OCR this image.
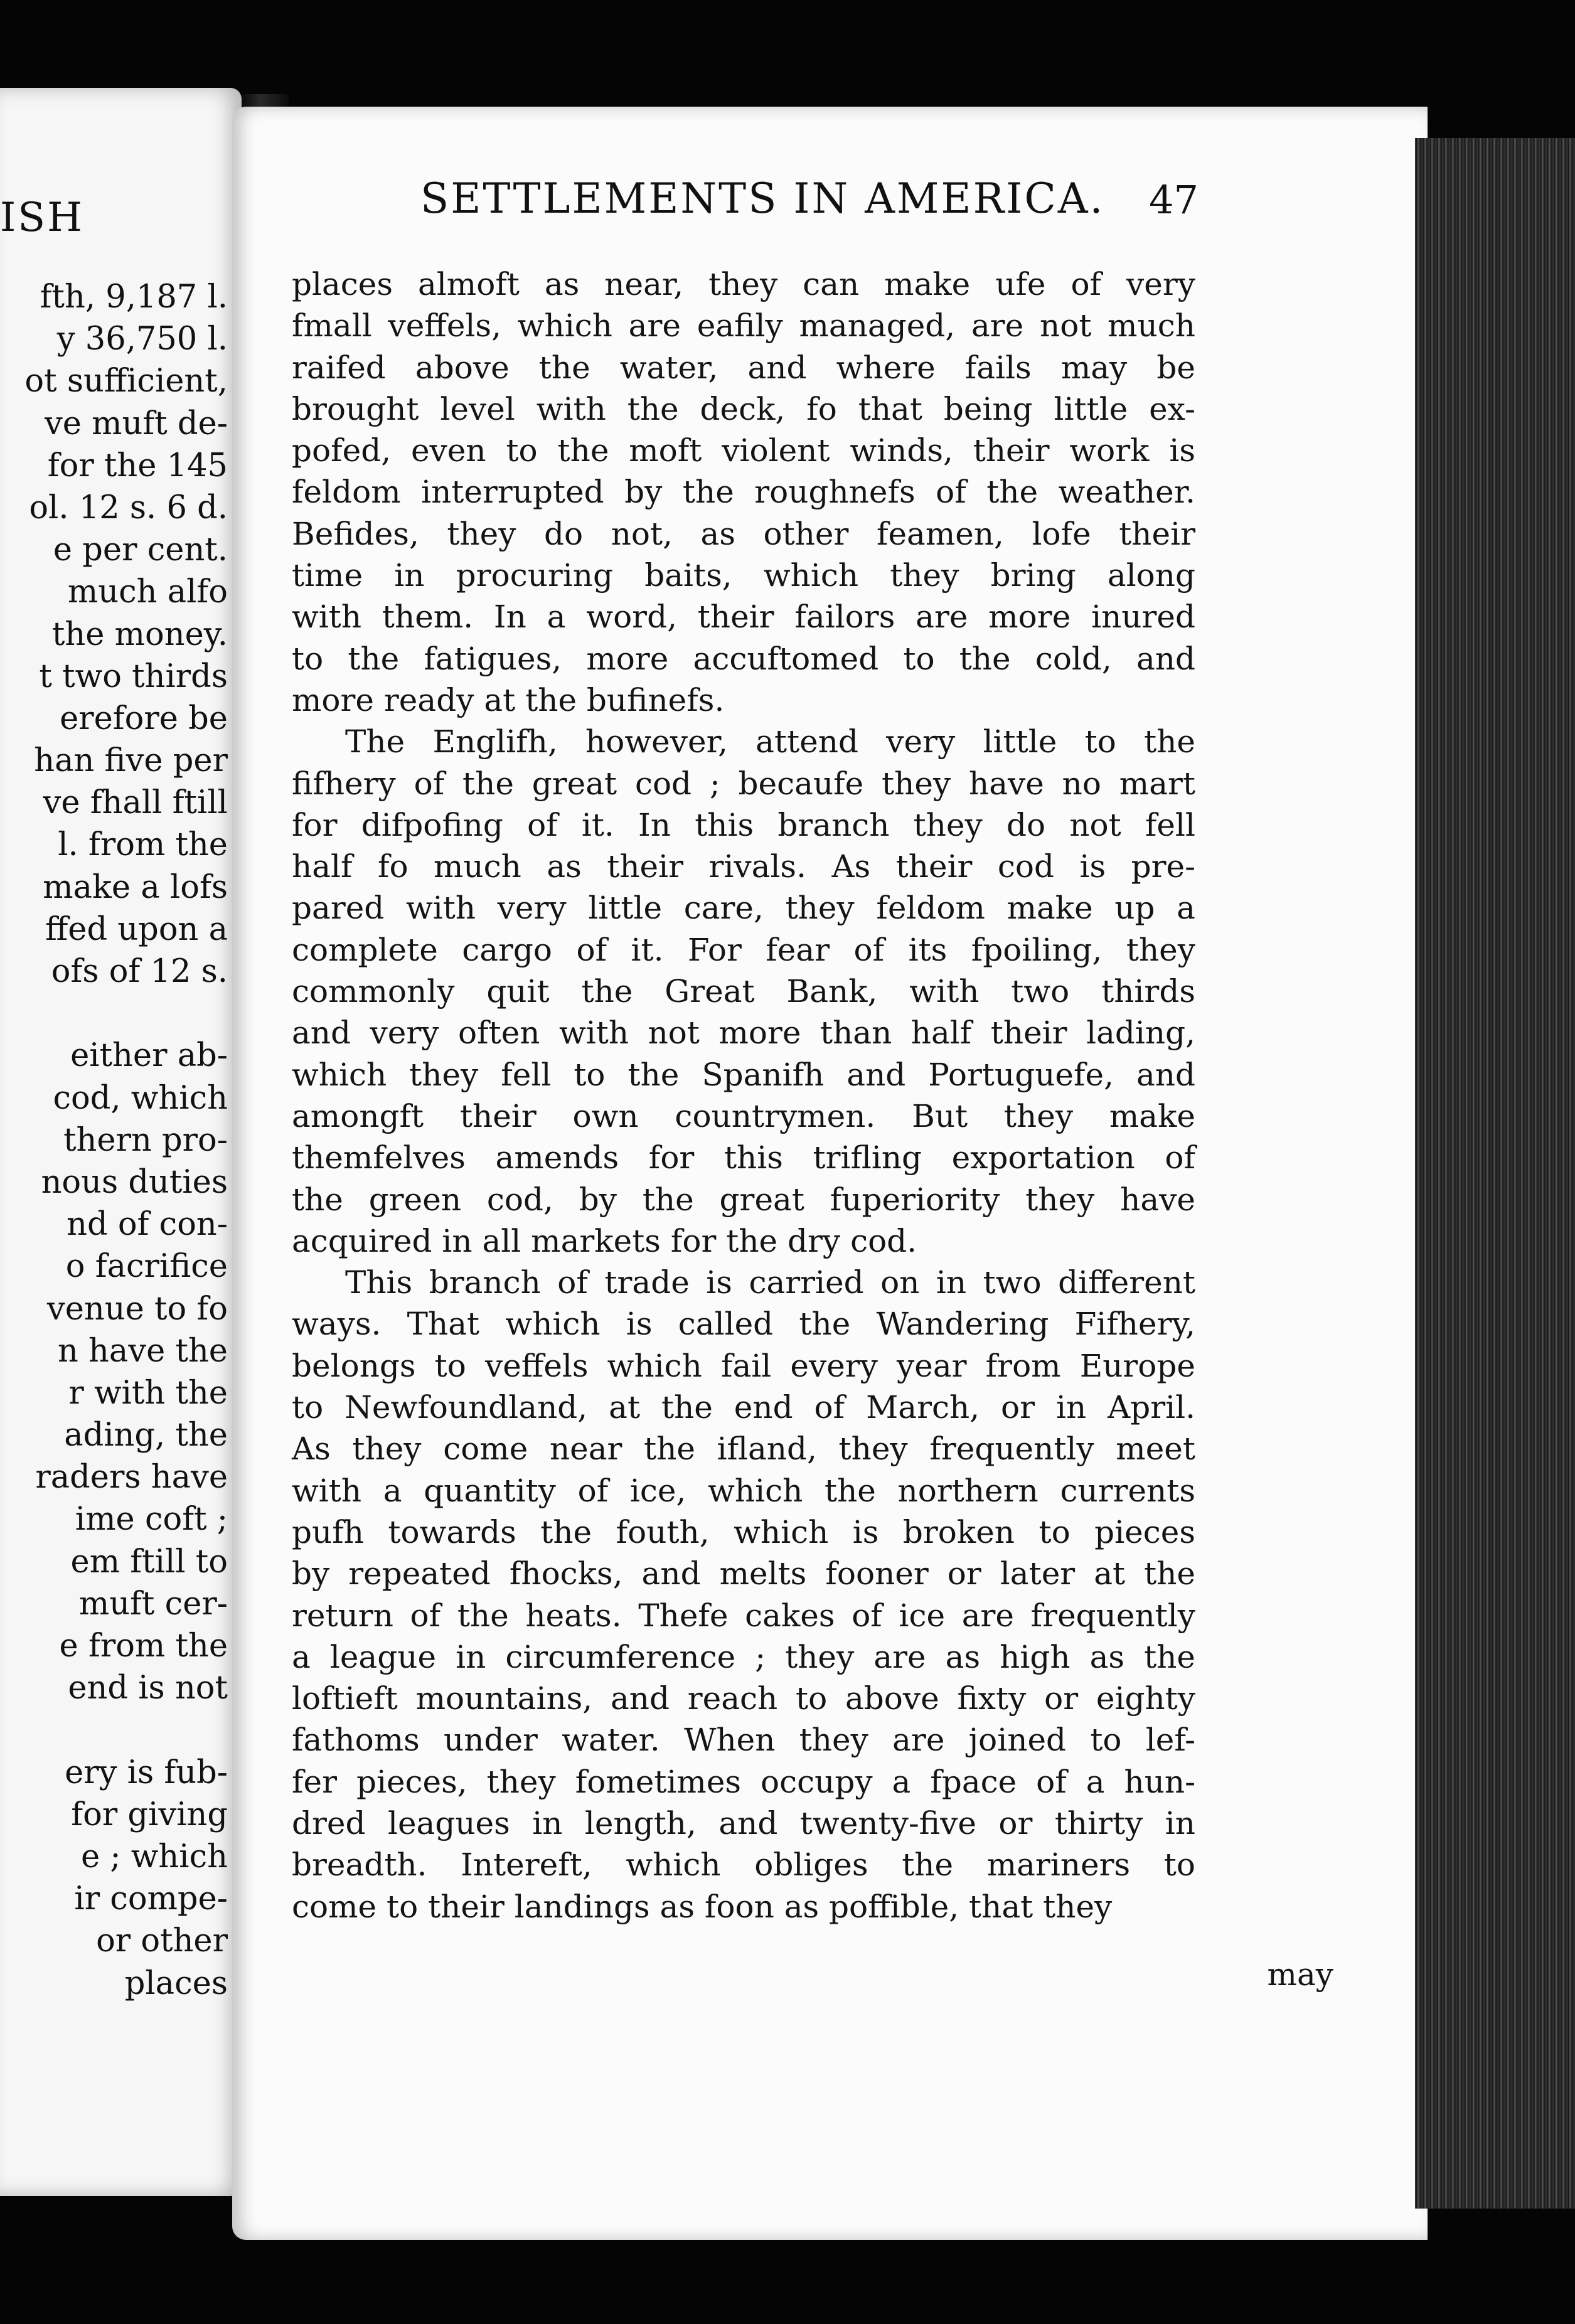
ISH
fth, 9,187 l.
y 36,750 l.
ot sufficient,
ve muft de-
for the 145
ol. 12 s. 6 d.
e per cent.
much alfo
the money.
t two thirds
erefore be
han five per
ve fhall ftill
l. from the
make a lofs
ffed upon a
ofs of 12 s.
either ab-
cod, which
thern pro-
nous duties
nd of con-
o facrifice
venue to fo
n have the
r with the
ading, the
raders have
ime coft ;
em ftill to
muft cer-
e from the
end is not
ery is fub-
for giving
e ; which
ir compe-
or other
places
SETTLEMENTS IN AMERICA. 47
places almoft as near, they can make ufe of very
fmall veffels, which are eafily managed, are not much
raifed above the water, and where fails may be
brought level with the deck, fo that being little ex-
pofed, even to the moft violent winds, their work is
feldom interrupted by the roughnefs of the weather.
Befides, they do not, as other feamen, lofe their
time in procuring baits, which they bring along
with them. In a word, their failors are more inured
to the fatigues, more accuftomed to the cold, and
more ready at the bufinefs.
The Englifh, however, attend very little to the
fifhery of the great cod ; becaufe they have no mart
for difpofing of it. In this branch they do not fell
half fo much as their rivals. As their cod is pre-
pared with very little care, they feldom make up a
complete cargo of it. For fear of its fpoiling, they
commonly quit the Great Bank, with two thirds
and very often with not more than half their lading,
which they fell to the Spanifh and Portuguefe, and
amongft their own countrymen. But they make
themfelves amends for this trifling exportation of
the green cod, by the great fuperiority they have
acquired in all markets for the dry cod.
This branch of trade is carried on in two different
ways. That which is called the Wandering Fifhery,
belongs to veffels which fail every year from Europe
to Newfoundland, at the end of March, or in April.
As they come near the ifland, they frequently meet
with a quantity of ice, which the northern currents
pufh towards the fouth, which is broken to pieces
by repeated fhocks, and melts fooner or later at the
return of the heats. Thefe cakes of ice are frequently
a league in circumference ; they are as high as the
loftieft mountains, and reach to above fixty or eighty
fathoms under water. When they are joined to lef-
fer pieces, they fometimes occupy a fpace of a hun-
dred leagues in length, and twenty-five or thirty in
breadth. Intereft, which obliges the mariners to
come to their landings as foon as poffible, that they
may
